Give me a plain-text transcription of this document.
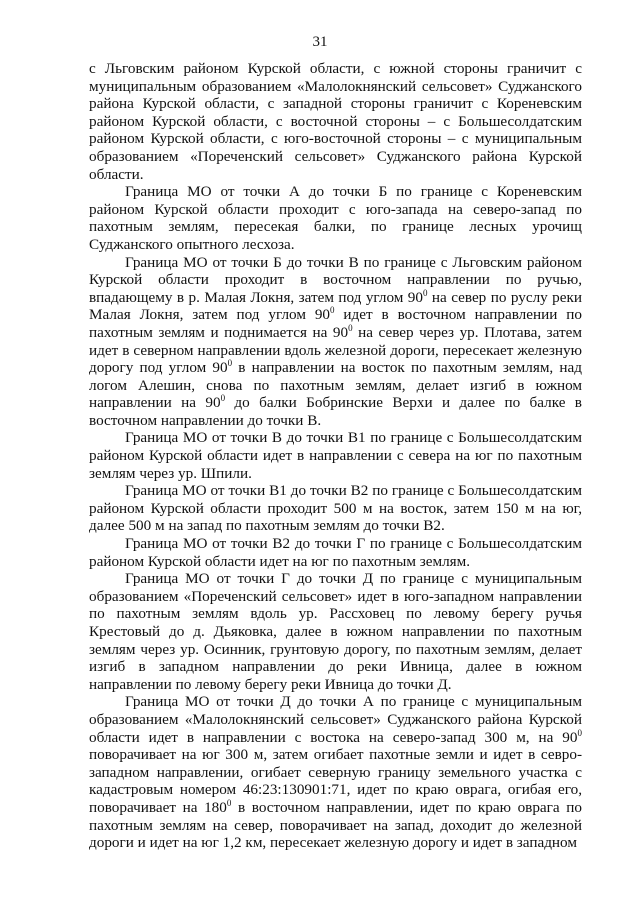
31

с Льговским районом Курской области, с южной стороны граничит с муниципальным образованием «Малолокнянский сельсовет» Суджанского района Курской области, с западной стороны граничит с Кореневским районом Курской области, с восточной стороны – с Большесолдатским районом Курской области, с юго-восточной стороны – с муниципальным образованием «Пореченский сельсовет» Суджанского района Курской области.

Граница МО от точки А до точки Б по границе с Кореневским районом Курской области проходит с юго-запада на северо-запад по пахотным землям, пересекая балки, по границе лесных урочищ Суджанского опытного лесхоза.

Граница МО от точки Б до точки В по границе с Льговским районом Курской области проходит в восточном направлении по ручью, впадающему в р. Малая Локня, затем под углом $90^0$ на север по руслу реки Малая Локня, затем под углом $90^0$ идет в восточном направлении по пахотным землям и поднимается на $90^0$ на север через ур. Плотава, затем идет в северном направлении вдоль железной дороги, пересекает железную дорогу под углом $90^0$ в направлении на восток по пахотным землям, над логом Алешин, снова по пахотным землям, делает изгиб в южном направлении на $90^0$ до балки Бобринские Верхи и далее по балке в восточном направлении до точки В.

Граница МО от точки В до точки В1 по границе с Большесолдатским районом Курской области идет в направлении с севера на юг по пахотным землям через ур. Шпили.

Граница МО от точки В1 до точки В2 по границе с Большесолдатским районом Курской области проходит 500 м на восток, затем 150 м на юг, далее 500 м на запад по пахотным землям до точки В2.

Граница МО от точки В2 до точки Г по границе с Большесолдатским районом Курской области идет на юг по пахотным землям.

Граница МО от точки Г до точки Д по границе с муниципальным образованием «Пореченский сельсовет» идет в юго-западном направлении по пахотным землям вдоль ур. Рассховец по левому берегу ручья Крестовый до д. Дьяковка, далее в южном направлении по пахотным землям через ур. Осинник, грунтовую дорогу, по пахотным землям, делает изгиб в западном направлении до реки Ивница, далее в южном направлении по левому берегу реки Ивница до точки Д.

Граница МО от точки Д до точки А по границе с муниципальным образованием «Малолокнянский сельсовет» Суджанского района Курской области идет в направлении с востока на северо-запад 300 м, на $90^0$ поворачивает на юг 300 м, затем огибает пахотные земли и идет в севро-западном направлении, огибает северную границу земельного участка с кадастровым номером 46:23:130901:71, идет по краю оврага, огибая его, поворачивает на $180^0$ в восточном направлении, идет по краю оврага по пахотным землям на север, поворачивает на запад, доходит до железной дороги и идет на юг 1,2 км, пересекает железную дорогу и идет в западном
